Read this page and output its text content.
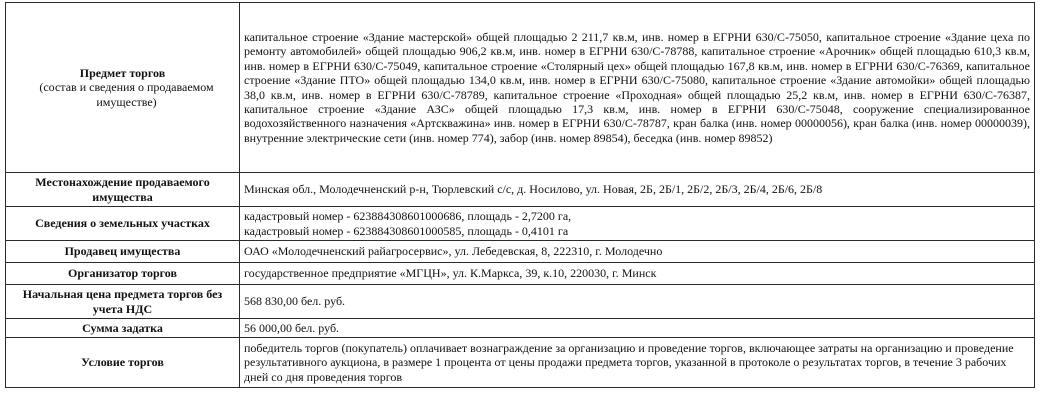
Предмет торгов
(состав и сведения о продаваемом имуществе)	капитальное строение «Здание мастерской» общей площадью 2 211,7 кв.м, инв. номер в ЕГРНИ 630/С-75050, капитальное строение «Здание цеха по ремонту автомобилей» общей площадью 906,2 кв.м, инв. номер в ЕГРНИ 630/С-78788, капитальное строение «Арочник» общей площадью 610,3 кв.м, инв. номер в ЕГРНИ 630/С-75049, капитальное строение «Столярный цех» общей площадью 167,8 кв.м, инв. номер в ЕГРНИ 630/С-76369, капитальное строение «Здание ПТО» общей площадью 134,0 кв.м, инв. номер в ЕГРНИ 630/С-75080, капитальное строение «Здание автомойки» общей площадью 38,0 кв.м, инв. номер в ЕГРНИ 630/С-78789, капитальное строение «Проходная» общей площадью 25,2 кв.м, инв. номер в ЕГРНИ 630/С-76387, капитальное строение «Здание АЗС» общей площадью 17,3 кв.м, инв. номер в ЕГРНИ 630/С-75048, сооружение специализированное водохозяйственного назначения «Артскважина» инв. номер в ЕГРНИ 630/С-78787, кран балка (инв. номер 00000056), кран балка (инв. номер 00000039), внутренние электрические сети (инв. номер 774), забор (инв. номер 89854), беседка (инв. номер 89852)
Местонахождение продаваемого имущества	Минская обл., Молодечненский р-н, Тюрлевский с/с, д. Носилово, ул. Новая, 2Б, 2Б/1, 2Б/2, 2Б/3, 2Б/4, 2Б/6, 2Б/8
Сведения о земельных участках	кадастровый номер - 623884308601000686, площадь - 2,7200 га,
кадастровый номер - 623884308601000585, площадь - 0,4101 га

Продавец имущества	ОАО «Молодечненский райагросервис», ул. Лебедевская, 8, 222310, г. Молодечно
Организатор торгов	государственное предприятие «МГЦН», ул. К.Маркса, 39, к.10, 220030, г. Минск
Начальная цена предмета торгов без учета НДС	568 830,00 бел. руб.
Сумма задатка	56 000,00 бел. руб.
Условие торгов	победитель торгов (покупатель) оплачивает вознаграждение за организацию и проведение торгов, включающее затраты на организацию и проведение результативного аукциона, в размере 1 процента от цены продажи предмета торгов, указанной в протоколе о результатах торгов, в течение 3 рабочих дней со дня проведения торгов
